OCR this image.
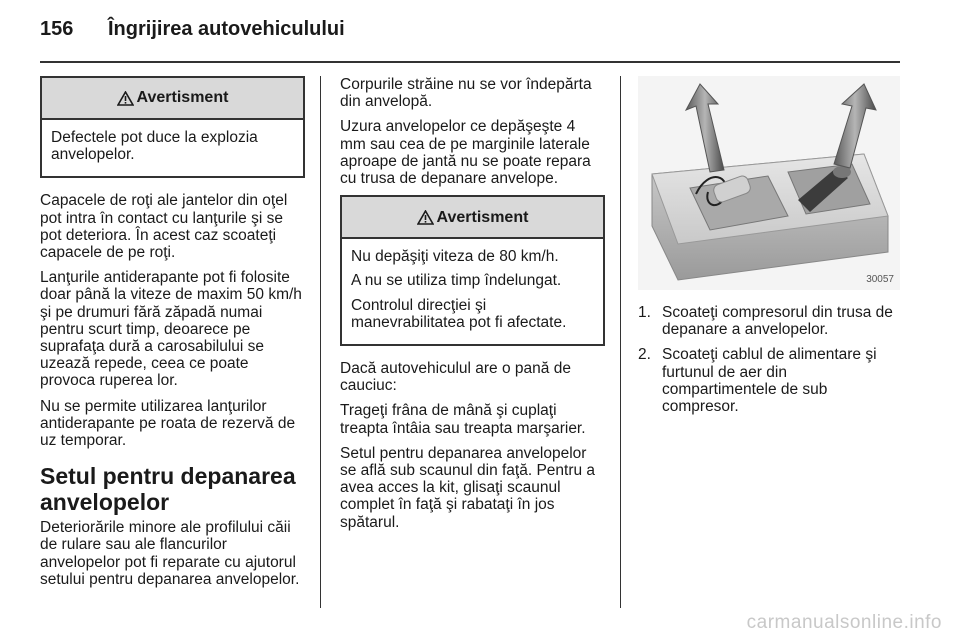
156	Îngrijirea autovehiculului
Avertisment

Defectele pot duce la explozia anvelopelor.

Capacele de roţi ale jantelor din oţel pot intra în contact cu lanţurile şi se pot deteriora. În acest caz scoateţi capacele de pe roţi.

Lanţurile antiderapante pot fi folosite doar până la viteze de maxim 50 km/h şi pe drumuri fără zăpadă numai pentru scurt timp, deoarece pe suprafaţa dură a carosabilului se uzează repede, ceea ce poate provoca ruperea lor.

Nu se permite utilizarea lanţurilor antiderapante pe roata de rezervă de uz temporar.

Setul pentru depanarea anvelopelor

Deteriorările minore ale profilului căii de rulare sau ale flancurilor anvelopelor pot fi reparate cu ajutorul setului pentru depanarea anvelopelor.

Corpurile străine nu se vor îndepărta din anvelopă.

Uzura anvelopelor ce depăşeşte 4 mm sau cea de pe marginile laterale aproape de jantă nu se poate repara cu trusa de depanare anvelope.

Avertisment

Nu depăşiţi viteza de 80 km/h.

A nu se utiliza timp îndelungat.

Controlul direcţiei şi manevrabilitatea pot fi afectate.

Dacă autovehiculul are o pană de cauciuc:

Trageţi frâna de mână şi cuplaţi treapta întâia sau treapta marşarier.

Setul pentru depanarea anvelopelor se află sub scaunul din faţă. Pentru a avea acces la kit, glisaţi scaunul complet în faţă şi rabataţi în jos spătarul.

30057
1. Scoateţi compresorul din trusa de depanare a anvelopelor.
2. Scoateţi cablul de alimentare şi furtunul de aer din compartimentele de sub compresor.
carmanualsonline.info
